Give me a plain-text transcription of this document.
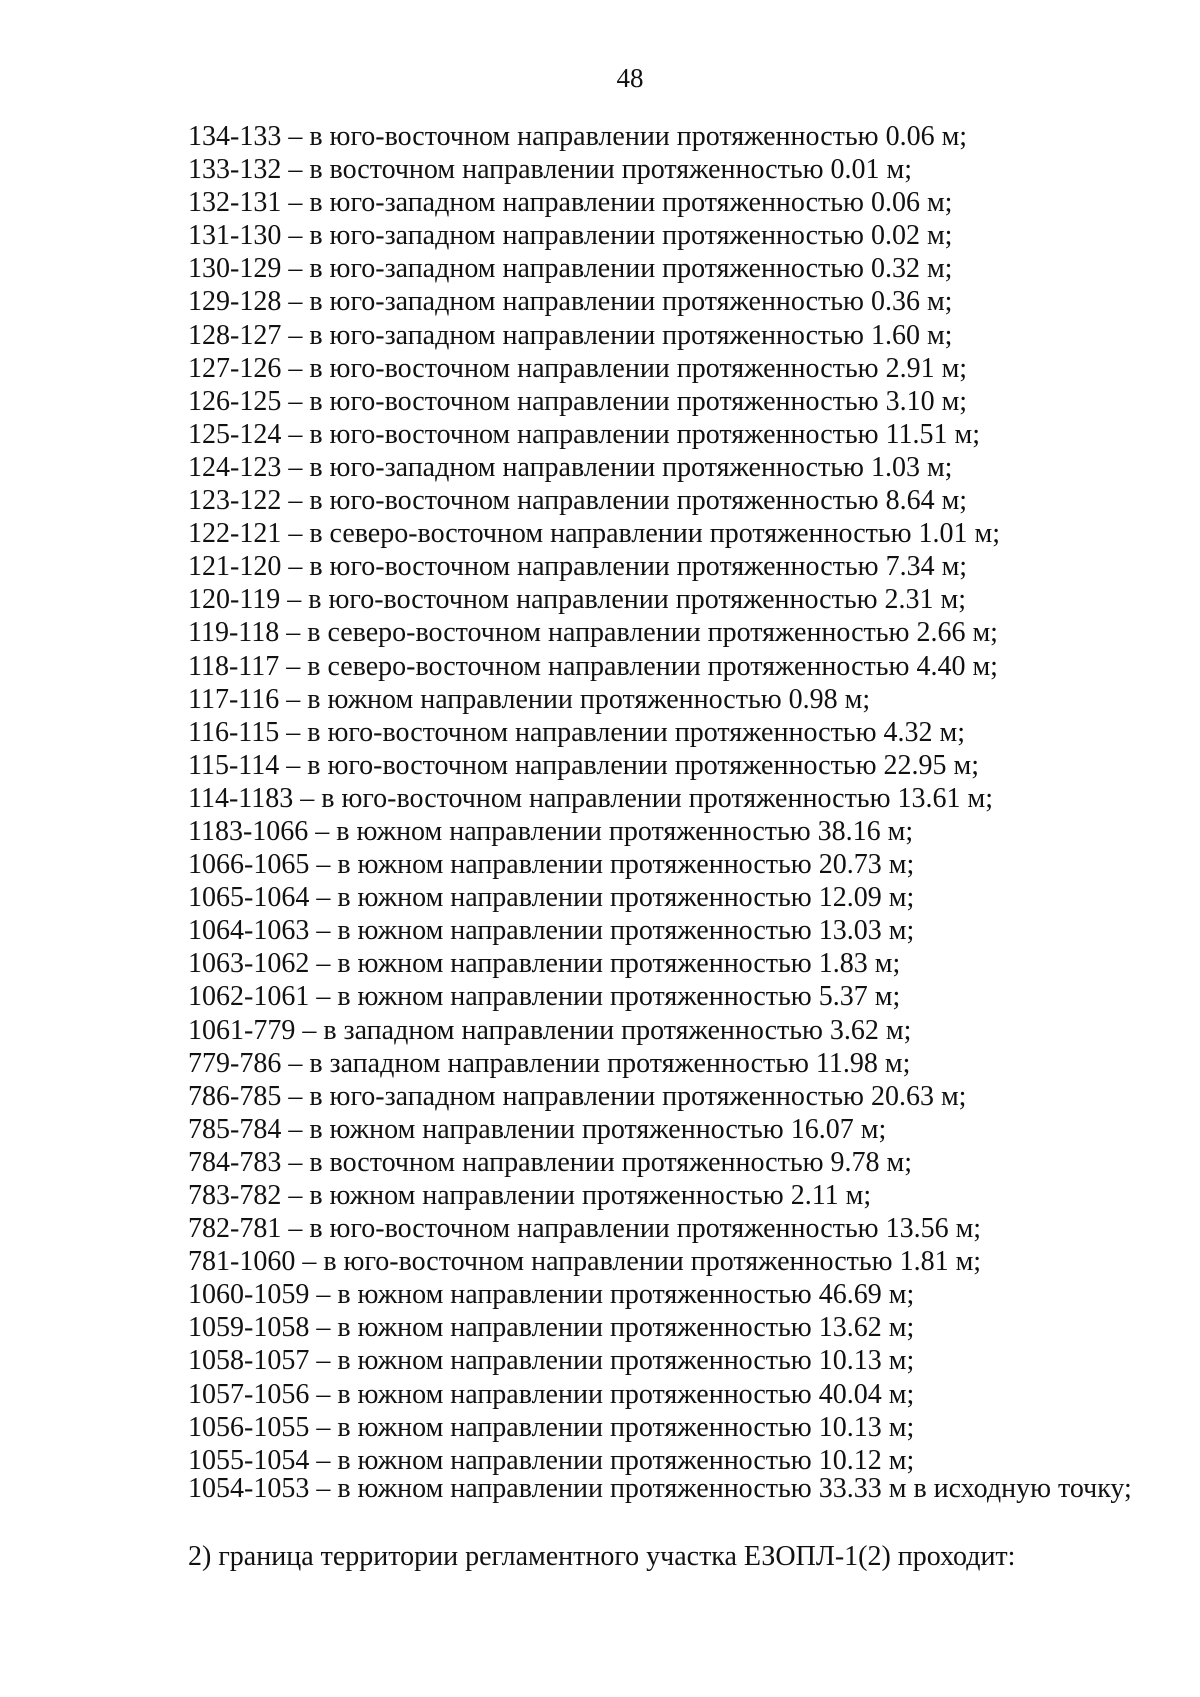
48
134-133 – в юго-восточном направлении протяженностью 0.06 м;
133-132 – в восточном направлении протяженностью 0.01 м;
132-131 – в юго-западном направлении протяженностью 0.06 м;
131-130 – в юго-западном направлении протяженностью 0.02 м;
130-129 – в юго-западном направлении протяженностью 0.32 м;
129-128 – в юго-западном направлении протяженностью 0.36 м;
128-127 – в юго-западном направлении протяженностью 1.60 м;
127-126 – в юго-восточном направлении протяженностью 2.91 м;
126-125 – в юго-восточном направлении протяженностью 3.10 м;
125-124 – в юго-восточном направлении протяженностью 11.51 м;
124-123 – в юго-западном направлении протяженностью 1.03 м;
123-122 – в юго-восточном направлении протяженностью 8.64 м;
122-121 – в северо-восточном направлении протяженностью 1.01 м;
121-120 – в юго-восточном направлении протяженностью 7.34 м;
120-119 – в юго-восточном направлении протяженностью 2.31 м;
119-118 – в северо-восточном направлении протяженностью 2.66 м;
118-117 – в северо-восточном направлении протяженностью 4.40 м;
117-116 – в южном направлении протяженностью 0.98 м;
116-115 – в юго-восточном направлении протяженностью 4.32 м;
115-114 – в юго-восточном направлении протяженностью 22.95 м;
114-1183 – в юго-восточном направлении протяженностью 13.61 м;
1183-1066 – в южном направлении протяженностью 38.16 м;
1066-1065 – в южном направлении протяженностью 20.73 м;
1065-1064 – в южном направлении протяженностью 12.09 м;
1064-1063 – в южном направлении протяженностью 13.03 м;
1063-1062 – в южном направлении протяженностью 1.83 м;
1062-1061 – в южном направлении протяженностью 5.37 м;
1061-779 – в западном направлении протяженностью 3.62 м;
779-786 – в западном направлении протяженностью 11.98 м;
786-785 – в юго-западном направлении протяженностью 20.63 м;
785-784 – в южном направлении протяженностью 16.07 м;
784-783 – в восточном направлении протяженностью 9.78 м;
783-782 – в южном направлении протяженностью 2.11 м;
782-781 – в юго-восточном направлении протяженностью 13.56 м;
781-1060 – в юго-восточном направлении протяженностью 1.81 м;
1060-1059 – в южном направлении протяженностью 46.69 м;
1059-1058 – в южном направлении протяженностью 13.62 м;
1058-1057 – в южном направлении протяженностью 10.13 м;
1057-1056 – в южном направлении протяженностью 40.04 м;
1056-1055 – в южном направлении протяженностью 10.13 м;
1055-1054 – в южном направлении протяженностью 10.12 м;

1054-1053 – в южном направлении протяженностью 33.33 м в исходную точку;

2) граница территории регламентного участка ЕЗОПЛ-1(2) проходит:
